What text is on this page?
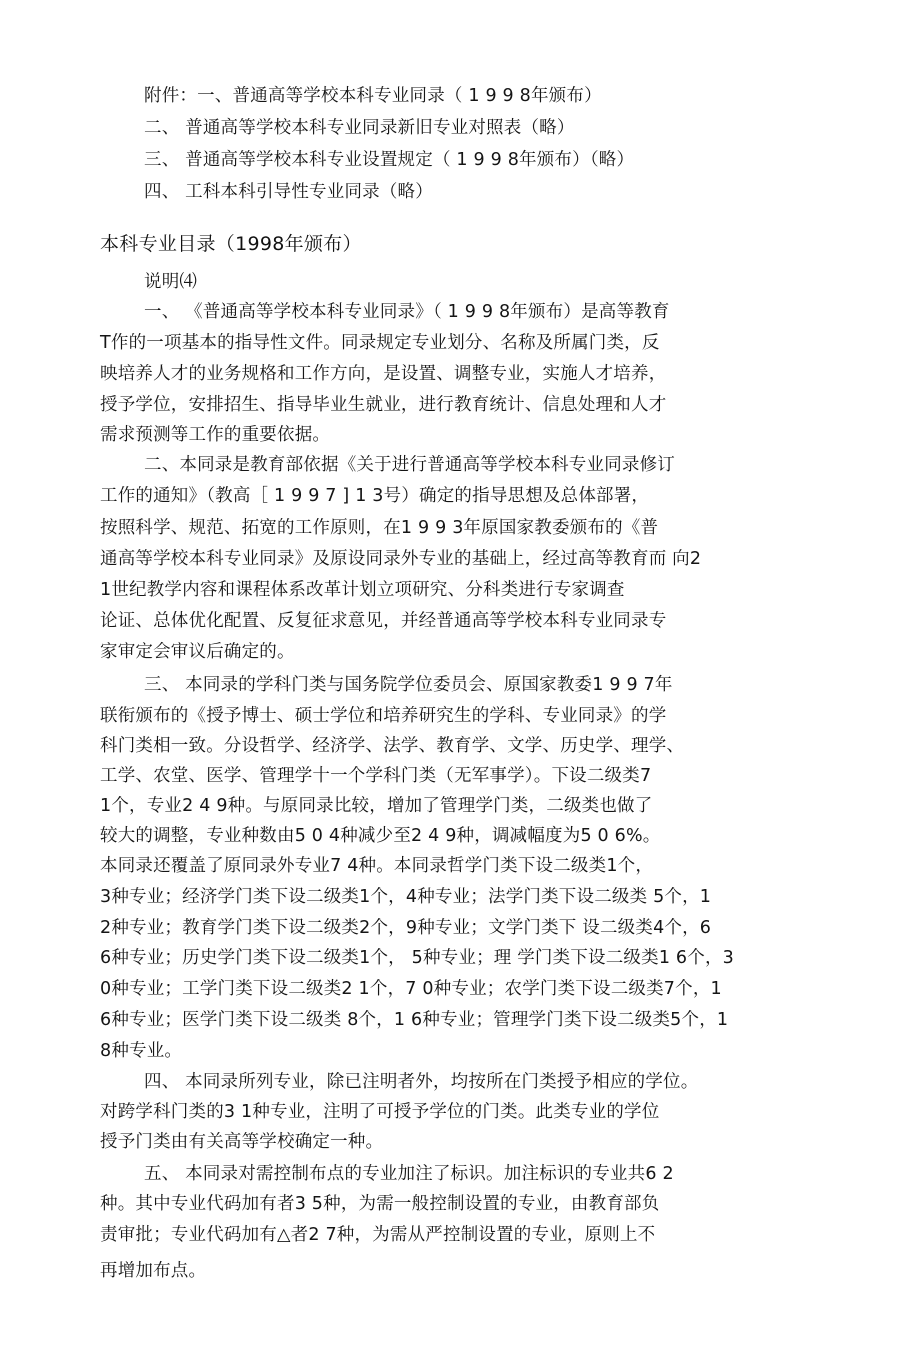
附件：一、普通高等学校本科专业同录（ 1 9 9 8年颁布）
二、 普通高等学校本科专业同录新旧专业对照表（略）
三、 普通高等学校本科专业设置规定（ 1 9 9 8年颁布）（略）
四、 工科本科引导性专业同录（略）
本科专业目录（1998年颁布）
说明⑷
一、 《普通高等学校本科专业同录》（ 1 9 9 8年颁布）是高等教育
T作的一项基本的指导性文件。同录规定专业划分、名称及所属门类，反
映培养人才的业务规格和工作方向，是设置、调整专业，实施人才培养，
授予学位，安排招生、指导毕业生就业，进行教育统计、信息处理和人才
需求预测等工作的重要依据。
二、本同录是教育部依据《关于进行普通高等学校本科专业同录修订
工作的通知》（教高［ 1 9 9 7 ] 1 3号）确定的指导思想及总体部署，
按照科学、规范、拓宽的工作原则，在1 9 9 3年原国家教委颁布的《普
通高等学校本科专业同录》及原设同录外专业的基础上，经过高等教育而 向2
1世纪教学内容和课程体系改革计划立项研究、分科类进行专家调查
论证、总体优化配置、反复征求意见，并经普通高等学校本科专业同录专
家审定会审议后确定的。
三、 本同录的学科门类与国务院学位委员会、原国家教委1 9 9 7年
联衔颁布的《授予博士、硕士学位和培养研究生的学科、专业同录》的学
科门类相一致。分设哲学、经济学、法学、教育学、文学、历史学、理学、
工学、农堂、医学、管理学十一个学科门类（无军事学）。下设二级类7
1个，专业2 4 9种。与原同录比较，增加了管理学门类，二级类也做了
较大的调整，专业种数由5 0 4种减少至2 4 9种，调减幅度为5 0 6%。
本同录还覆盖了原同录外专业7 4种。本同录哲学门类下设二级类1个，
3种专业；经济学门类下设二级类1个，4种专业；法学门类下设二级类 5个，1
2种专业；教育学门类下设二级类2个，9种专业；文学门类下 设二级类4个，6
6种专业；历史学门类下设二级类1个， 5种专业；理 学门类下设二级类1 6个，3
0种专业；工学门类下设二级类2 1个，7 0种专业；农学门类下设二级类7个，1
6种专业；医学门类下设二级类 8个，1 6种专业；管理学门类下设二级类5个，1
8种专业。
四、 本同录所列专业，除已注明者外，均按所在门类授予相应的学位。
对跨学科门类的3 1种专业，注明了可授予学位的门类。此类专业的学位
授予门类由有关高等学校确定一种。
五、 本同录对需控制布点的专业加注了标识。加注标识的专业共6 2
种。其中专业代码加有者3 5种，为需一般控制设置的专业，由教育部负
责审批；专业代码加有△者2 7种，为需从严控制设置的专业，原则上不
再增加布点。
